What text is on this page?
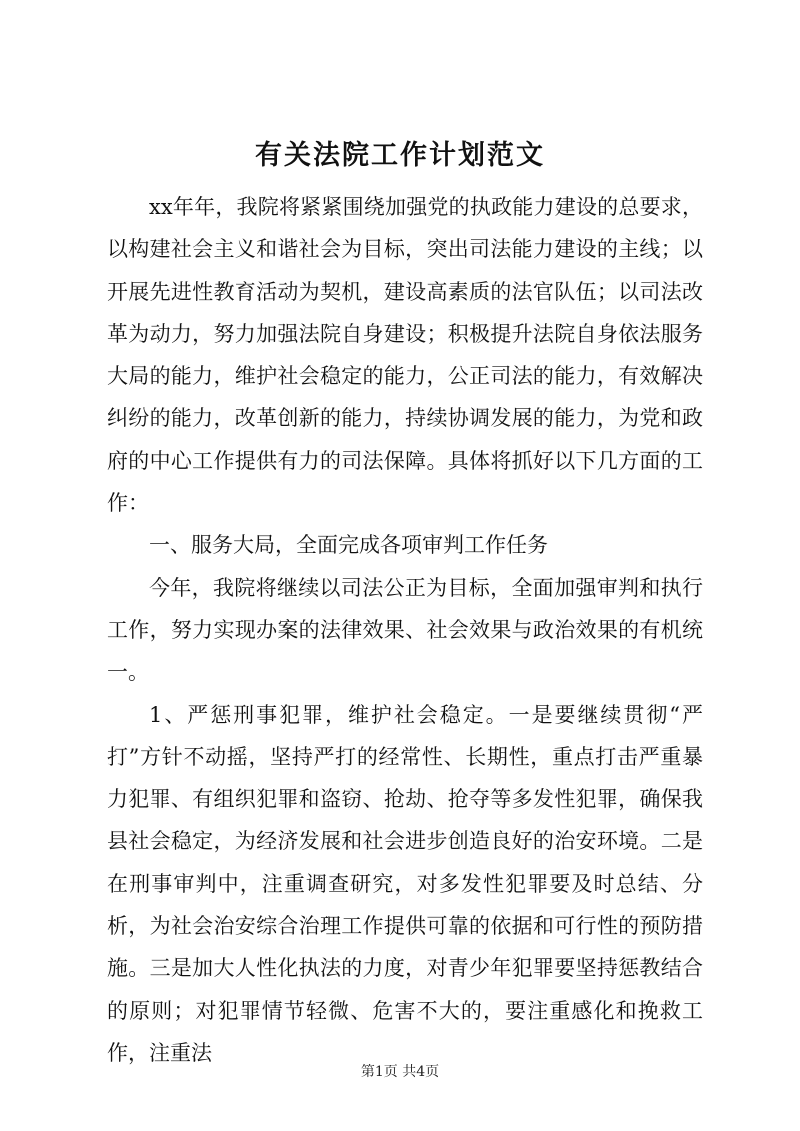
有关法院工作计划范文

xx年年，我院将紧紧围绕加强党的执政能力建设的总要求，以构建社会主义和谐社会为目标，突出司法能力建设的主线；以开展先进性教育活动为契机，建设高素质的法官队伍；以司法改革为动力，努力加强法院自身建设；积极提升法院自身依法服务大局的能力，维护社会稳定的能力，公正司法的能力，有效解决纠纷的能力，改革创新的能力，持续协调发展的能力，为党和政府的中心工作提供有力的司法保障。具体将抓好以下几方面的工作：

一、服务大局，全面完成各项审判工作任务

今年，我院将继续以司法公正为目标，全面加强审判和执行工作，努力实现办案的法律效果、社会效果与政治效果的有机统一。

1、严惩刑事犯罪，维护社会稳定。一是要继续贯彻“严打”方针不动摇，坚持严打的经常性、长期性，重点打击严重暴力犯罪、有组织犯罪和盗窃、抢劫、抢夺等多发性犯罪，确保我县社会稳定，为经济发展和社会进步创造良好的治安环境。二是在刑事审判中，注重调查研究，对多发性犯罪要及时总结、分析，为社会治安综合治理工作提供可靠的依据和可行性的预防措施。三是加大人性化执法的力度，对青少年犯罪要坚持惩教结合的原则；对犯罪情节轻微、危害不大的，要注重感化和挽救工作，注重法

第1页 共4页
